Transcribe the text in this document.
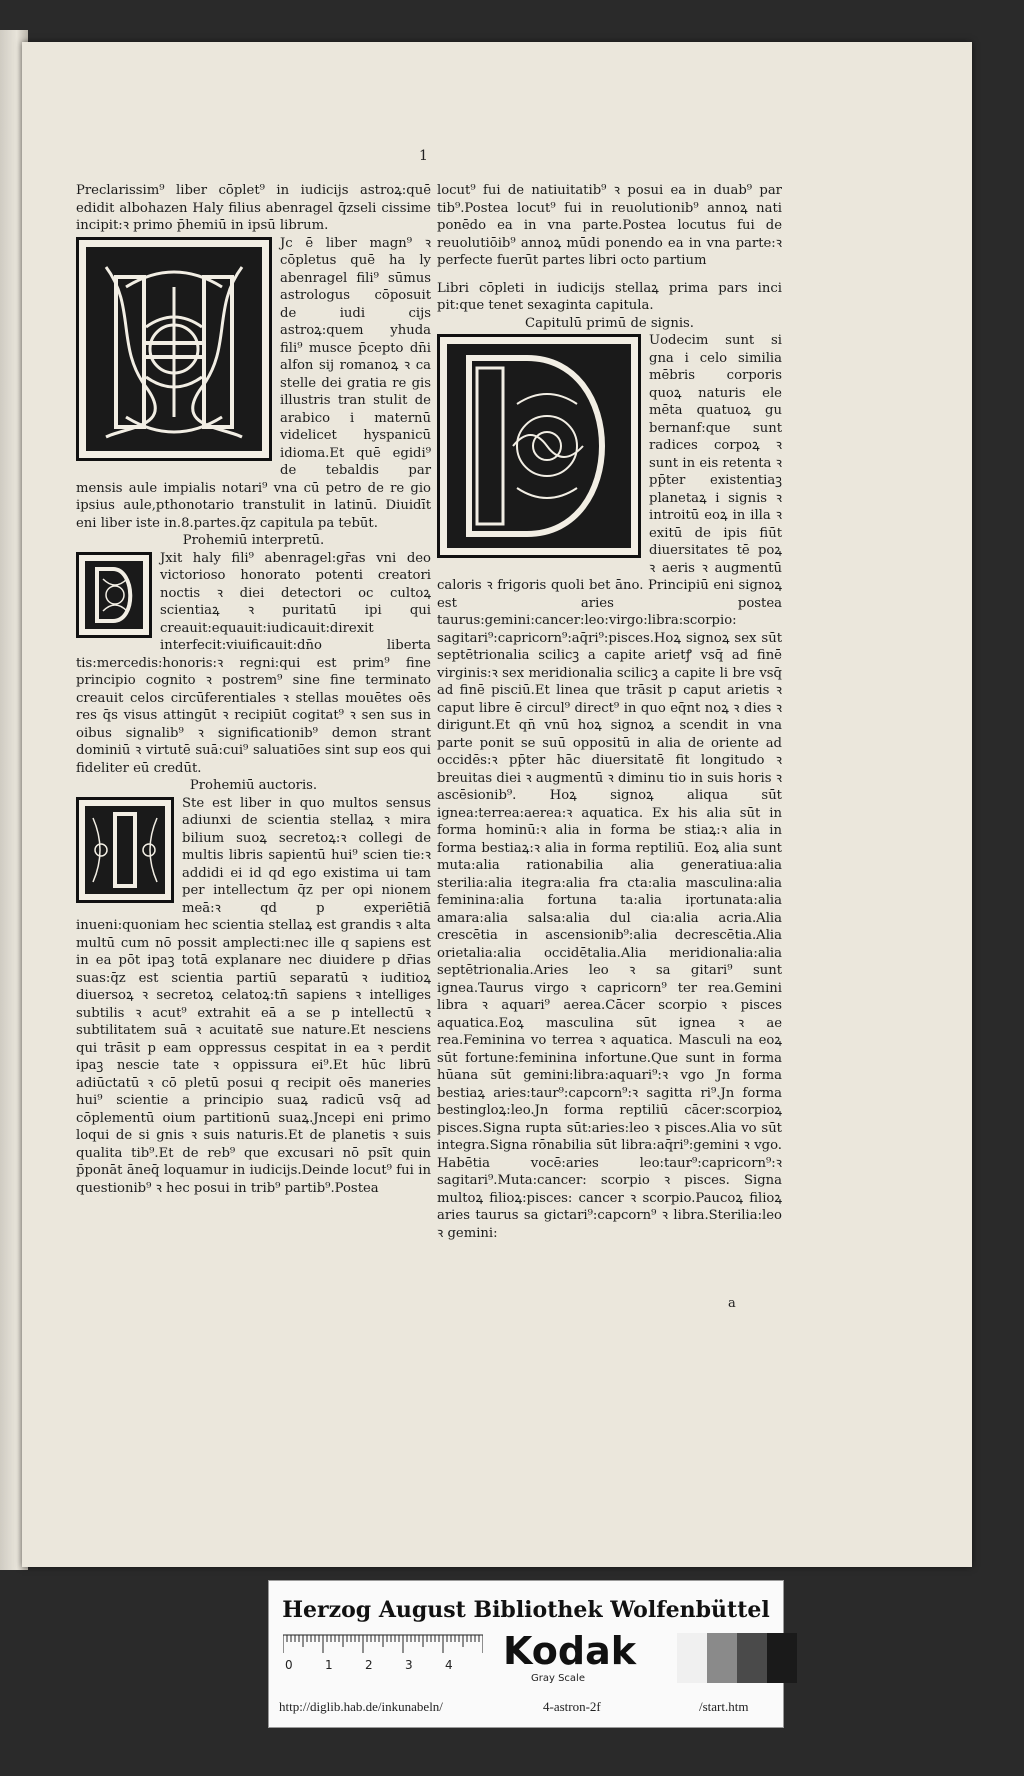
1

Preclarissim⁹ liber cōplet⁹ in iudicijs astroꝝ:quē edidit albohazen Haly filius abenragel q̄zseli cissime incipit:ꝛ primo p̄hemiū in ipsū librum.

Jc ē liber magn⁹ ꝛ cōpletus quē ha ly abenragel fili⁹ sūmus astrologus cōposuit de iudi cijs astroꝝ:quem yhuda fili⁹ musce p̄cepto dn̄i alfon sij romanoꝝ ꝛ ca stelle dei gratia re gis illustris tran stulit de arabico i maternū videlicet hyspanicū idioma.Et quē egidi⁹ de tebaldis par mensis aule impialis notari⁹ vna cū petro de re gio ipsius aule,pthonotario transtulit in latinū. Diuidīt eni liber iste in.8.partes.q̄z capitula pa tebūt.

Prohemiū interpretū.

Jxit haly fili⁹ abenragel:gr̄as vni deo victorioso honorato potenti creatori noctis ꝛ diei detectori oc cultoꝝ scientiaꝝ ꝛ puritatū ipi qui creauit:equauit:iudicauit:direxit interfecit:viuificauit:dn̄o liberta tis:mercedis:honoris:ꝛ regni:qui est prim⁹ fine principio cognito ꝛ postrem⁹ sine fine terminato creauit celos circūferentiales ꝛ stellas mouētes oēs res q̄s visus attingūt ꝛ recipiūt cogitat⁹ ꝛ sen sus in oibus signalib⁹ ꝛ significationib⁹ demon strant dominiū ꝛ virtutē suā:cui⁹ saluatiōes sint sup eos qui fideliter eū credūt.

Prohemiū auctoris.

Ste est liber in quo multos sensus adiunxi de scientia stellaꝝ ꝛ mira bilium suoꝝ secretoꝝ:ꝛ collegi de multis libris sapientū hui⁹ scien tie:ꝛ addidi ei id qd ego existima ui tam per intellectum q̄z per opi nionem meā:ꝛ qd p experiētiā inueni:quoniam hec scientia stellaꝝ est grandis ꝛ alta multū cum nō possit amplecti:nec ille q sapiens est in ea pōt ipaꝫ totā explanare nec diuidere p dr̄ias suas:q̄z est scientia partiū separatū ꝛ iuditioꝝ diuersoꝝ ꝛ secretoꝝ celatoꝝ:tn̄ sapiens ꝛ intelliges subtilis ꝛ acut⁹ extrahit eā a se p intellectū ꝛ subtilitatem suā ꝛ acuitatē sue nature.Et nesciens qui trāsit p eam oppressus cespitat in ea ꝛ perdit ipaꝫ nescie tate ꝛ oppissura ei⁹.Et hūc librū adiūctatū ꝛ cō pletū posui q recipit oēs maneries hui⁹ scientie a principio suaꝝ radicū vsq̄ ad cōplementū oium partitionū suaꝝ.Jncepi eni primo loqui de si gnis ꝛ suis naturis.Et de planetis ꝛ suis qualita tib⁹.Et de reb⁹ que excusari nō psīt quin p̄ponāt āneq̄ loquamur in iudicijs.Deinde locut⁹ fui in questionib⁹ ꝛ hec posui in trib⁹ partib⁹.Postea

locut⁹ fui de natiuitatib⁹ ꝛ posui ea in duab⁹ par tib⁹.Postea locut⁹ fui in reuolutionib⁹ annoꝝ nati ponēdo ea in vna parte.Postea locutus fui de reuolutiōib⁹ annoꝝ mūdi ponendo ea in vna parte:ꝛ perfecte fuerūt partes libri octo partium

Libri cōpleti in iudicijs stellaꝝ prima pars inci pit:que tenet sexaginta capitula.

Capitulū primū de signis.

Uodecim sunt si gna i celo similia mēbris corporis quoꝝ naturis ele mēta quatuoꝝ gu bernanf:que sunt radices corpoꝝ ꝛ sunt in eis retenta ꝛ pp̄ter existentiaꝫ planetaꝝ i signis ꝛ introitū eoꝝ in illa ꝛ exitū de ipis fiūt diuersitates tē poꝝ ꝛ aeris ꝛ augmentū caloris ꝛ frigoris quoli bet āno. Principiū eni signoꝝ est aries postea taurus:gemini:cancer:leo:virgo:libra:scorpio: sagitari⁹:capricorn⁹:aq̄ri⁹:pisces.Hoꝝ signoꝝ sex sūt septētrionalia scilicꝫ a capite arietꝭ vsq̄ ad finē virginis:ꝛ sex meridionalia scilicꝫ a capite li bre vsq̄ ad finē pisciū.Et linea que trāsit p caput arietis ꝛ caput libre ē circul⁹ direct⁹ in quo eq̄nt noꝝ ꝛ dies ꝛ dirigunt.Et qn̄ vnū hoꝝ signoꝝ a scendit in vna parte ponit se suū oppositū in alia de oriente ad occidēs:ꝛ pp̄ter hāc diuersitatē fit longitudo ꝛ breuitas diei ꝛ augmentū ꝛ diminu tio in suis horis ꝛ ascēsionib⁹. Hoꝝ signoꝝ aliqua sūt ignea:terrea:aerea:ꝛ aquatica. Ex his alia sūt in forma hominū:ꝛ alia in forma be stiaꝝ:ꝛ alia in forma bestiaꝝ:ꝛ alia in forma reptiliū. Eoꝝ alia sunt muta:alia rationabilia alia generatiua:alia sterilia:alia itegra:alia fra cta:alia masculina:alia feminina:alia fortuna ta:alia iꝼortunata:alia amara:alia salsa:alia dul cia:alia acria.Alia crescētia in ascensionib⁹:alia decrescētia.Alia orietalia:alia occidētalia.Alia meridionalia:alia septētrionalia.Aries leo ꝛ sa gitari⁹ sunt ignea.Taurus virgo ꝛ capricorn⁹ ter rea.Gemini libra ꝛ aquari⁹ aerea.Cācer scorpio ꝛ pisces aquatica.Eoꝝ masculina sūt ignea ꝛ ae rea.Feminina vo terrea ꝛ aquatica. Masculi na eoꝝ sūt fortune:feminina infortune.Que sunt in forma hūana sūt gemini:libra:aquari⁹:ꝛ vgo Jn forma bestiaꝝ aries:taur⁹:capcorn⁹:ꝛ sagitta ri⁹.Jn forma bestingloꝝ:leo.Jn forma reptiliū cācer:scorpioꝝ pisces.Signa rupta sūt:aries:leo ꝛ pisces.Alia vo sūt integra.Signa rōnabilia sūt libra:aq̄ri⁹:gemini ꝛ vgo. Habētia vocē:aries leo:taur⁹:capricorn⁹:ꝛ sagitari⁹.Muta:cancer: scorpio ꝛ pisces. Signa multoꝝ filioꝝ:pisces: cancer ꝛ scorpio.Paucoꝝ filioꝝ aries taurus sa gictari⁹:capcorn⁹ ꝛ libra.Sterilia:leo ꝛ gemini:

a
Herzog August Bibliothek Wolfenbüttel
0	1	2	3	4 Kodak
Gray Scale
http://diglib.hab.de/inkunabeln/	4-astron-2f	/start.htm
